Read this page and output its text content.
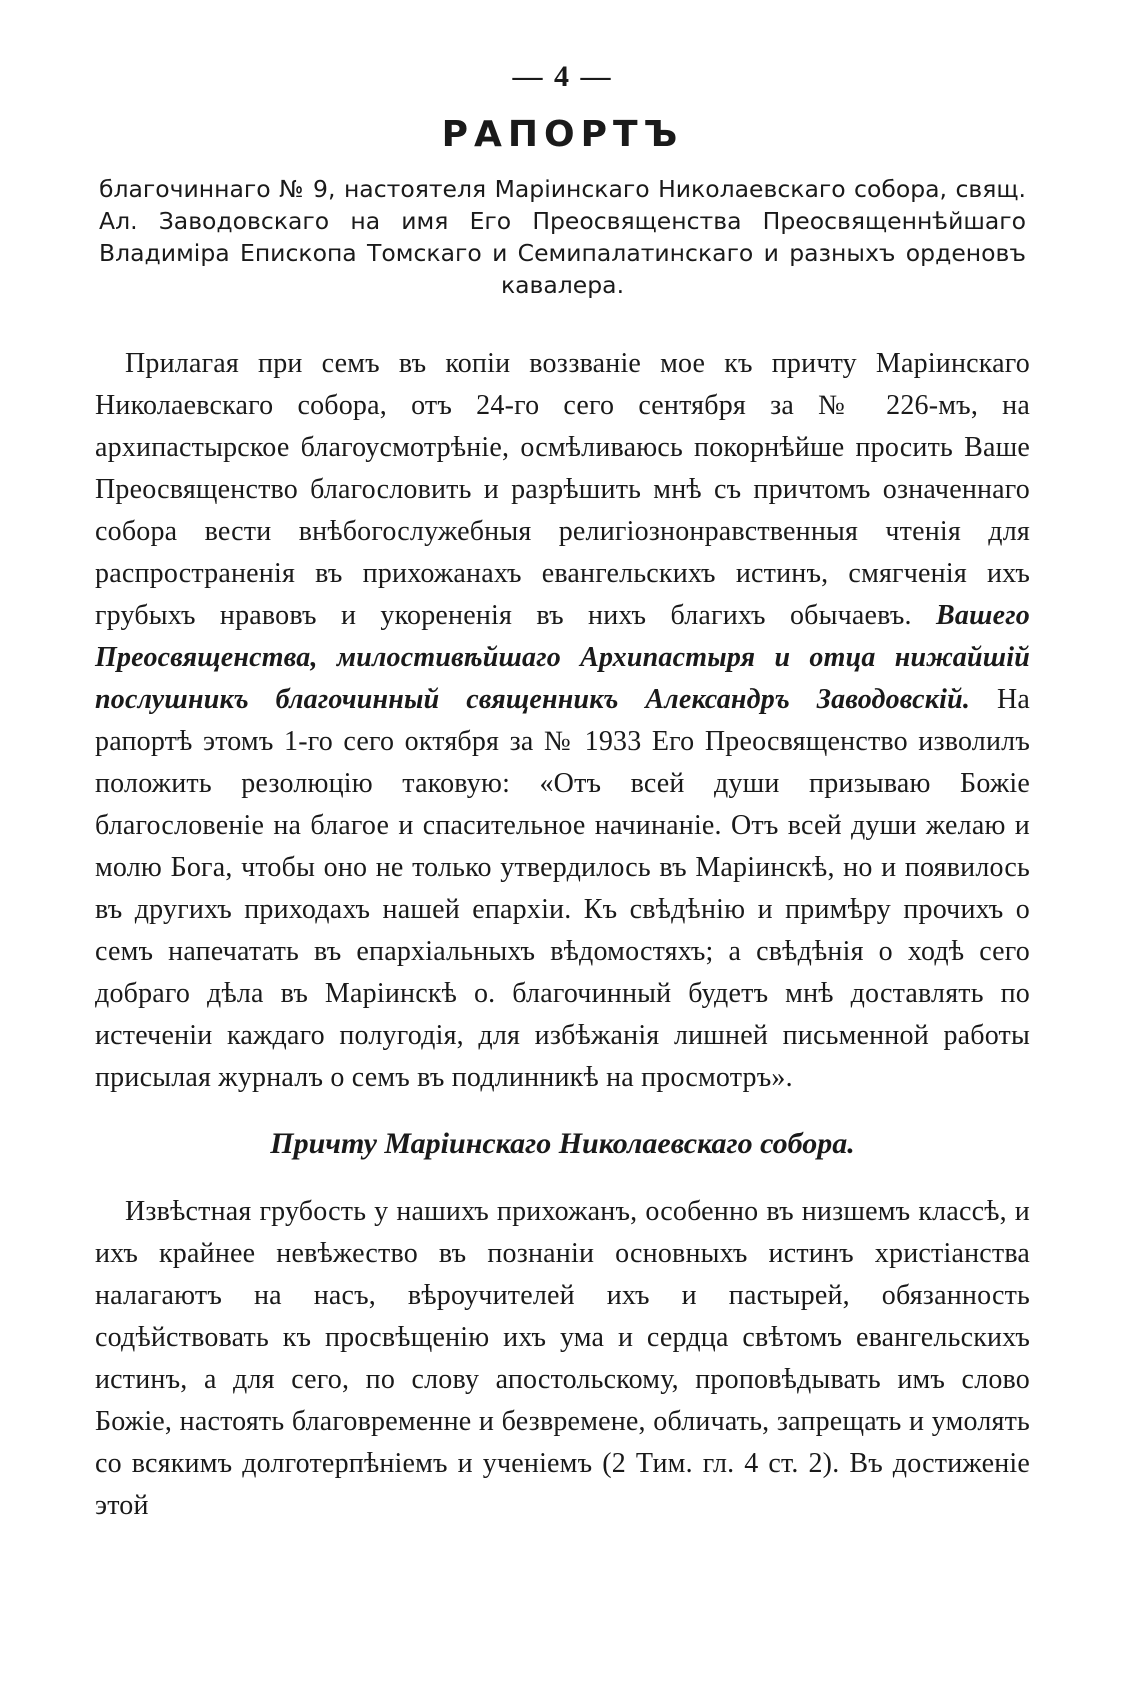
— 4 —
РАПОРТЪ

благочиннаго № 9, настоятеля Маріинскаго Николаевскаго собора, свящ. Ал. Заводовскаго на имя Его Преосвященства Преосвященнѣйшаго Владиміра Епископа Томскаго и Семипалатинскаго и разныхъ орденовъ кавалера.

Прилагая при семъ въ копіи воззваніе мое къ причту Маріинскаго Николаевскаго собора, отъ 24-го сего сентября за № 226-мъ, на архипастырское благоусмотрѣніе, осмѣливаюсь покорнѣйше просить Ваше Преосвященство благословить и разрѣшить мнѣ съ причтомъ означеннаго собора вести внѣбогослужебныя религіознонравственныя чтенія для распространенія въ прихожанахъ евангельскихъ истинъ, смягченія ихъ грубыхъ нравовъ и укорененія въ нихъ благихъ обычаевъ. Вашего Преосвященства, милостивѣйшаго Архипастыря и отца нижайшій послушникъ благочинный священникъ Александръ Заводовскій. На рапортѣ этомъ 1-го сего октября за № 1933 Его Преосвященство изволилъ положить резолюцію таковую: «Отъ всей души призываю Божіе благословеніе на благое и спасительное начинаніе. Отъ всей души желаю и молю Бога, чтобы оно не только утвердилось въ Маріинскѣ, но и появилось въ другихъ приходахъ нашей епархіи. Къ свѣдѣнію и примѣру прочихъ о семъ напечатать въ епархіальныхъ вѣдомостяхъ; а свѣдѣнія о ходѣ сего добраго дѣла въ Маріинскѣ о. благочинный будетъ мнѣ доставлять по истеченіи каждаго полугодія, для избѣжанія лишней письменной работы присылая журналъ о семъ въ подлинникѣ на просмотръ».

Причту Маріинскаго Николаевскаго собора.

Извѣстная грубость у нашихъ прихожанъ, особенно въ низшемъ классѣ, и ихъ крайнее невѣжество въ познаніи основныхъ истинъ христіанства налагаютъ на насъ, вѣроучителей ихъ и пастырей, обязанность содѣйствовать къ просвѣщенію ихъ ума и сердца свѣтомъ евангельскихъ истинъ, а для сего, по слову апостольскому, проповѣдывать имъ слово Божіе, настоять благовременне и безвремене, обличать, запрещать и умолять со всякимъ долготерпѣніемъ и ученіемъ (2 Тим. гл. 4 ст. 2). Въ достиженіе этой
